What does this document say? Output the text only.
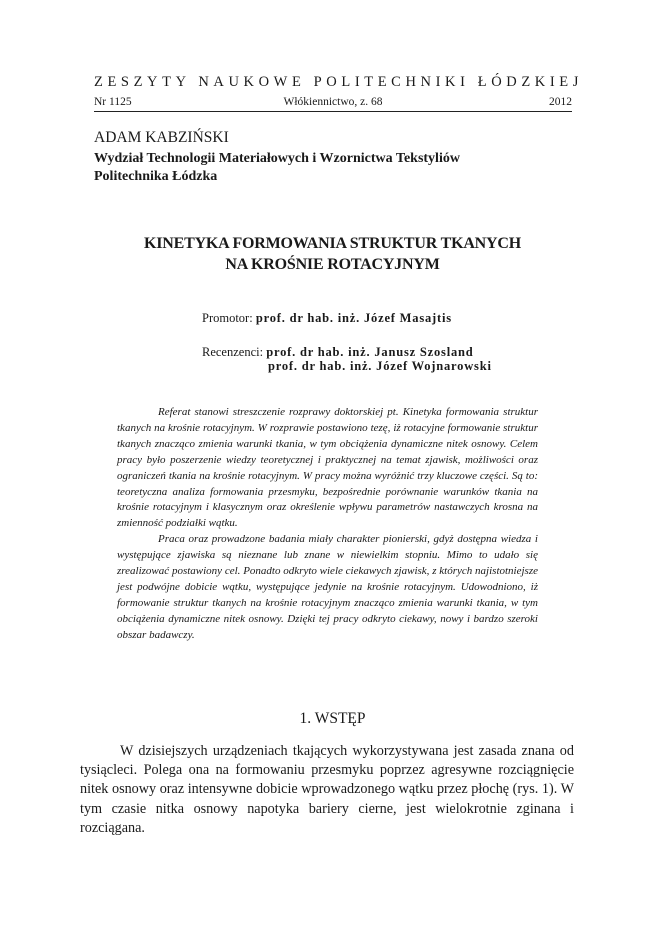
ZESZYTY NAUKOWE POLITECHNIKI ŁÓDZKIEJ
Nr 1125	Włókiennictwo, z. 68	2012
ADAM KABZIŃSKI
Wydział Technologii Materiałowych i Wzornictwa Tekstyliów
Politechnika Łódzka
KINETYKA FORMOWANIA STRUKTUR TKANYCH
NA KROŚNIE ROTACYJNYM
Promotor: prof. dr hab. inż. Józef Masajtis
Recenzenci: prof. dr hab. inż. Janusz Szosland
prof. dr hab. inż. Józef Wojnarowski

Referat stanowi streszczenie rozprawy doktorskiej pt. Kinetyka formowania struktur tkanych na krośnie rotacyjnym. W rozprawie postawiono tezę, iż rotacyjne formowanie struktur tkanych znacząco zmienia warunki tkania, w tym obciążenia dynamiczne nitek osnowy. Celem pracy było poszerzenie wiedzy teoretycznej i praktycznej na temat zjawisk, możliwości oraz ograniczeń tkania na krośnie rotacyjnym. W pracy można wyróżnić trzy kluczowe części. Są to: teoretyczna analiza formowania przesmyku, bezpośrednie porównanie warunków tkania na krośnie rotacyjnym i klasycznym oraz określenie wpływu parametrów nastawczych krosna na zmienność podziałki wątku.

Praca oraz prowadzone badania miały charakter pionierski, gdyż dostępna wiedza i występujące zjawiska są nieznane lub znane w niewielkim stopniu. Mimo to udało się zrealizować postawiony cel. Ponadto odkryto wiele ciekawych zjawisk, z których najistotniejsze jest podwójne dobicie wątku, występujące jedynie na krośnie rotacyjnym. Udowodniono, iż formowanie struktur tkanych na krośnie rotacyjnym znacząco zmienia warunki tkania, w tym obciążenia dynamiczne nitek osnowy. Dzięki tej pracy odkryto ciekawy, nowy i bardzo szeroki obszar badawczy.

1. WSTĘP

W dzisiejszych urządzeniach tkających wykorzystywana jest zasada znana od tysiącleci. Polega ona na formowaniu przesmyku poprzez agresywne rozciągnięcie nitek osnowy oraz intensywne dobicie wprowadzonego wątku przez płochę (rys. 1). W tym czasie nitka osnowy napotyka bariery cierne, jest wielokrotnie zginana i rozciągana.
